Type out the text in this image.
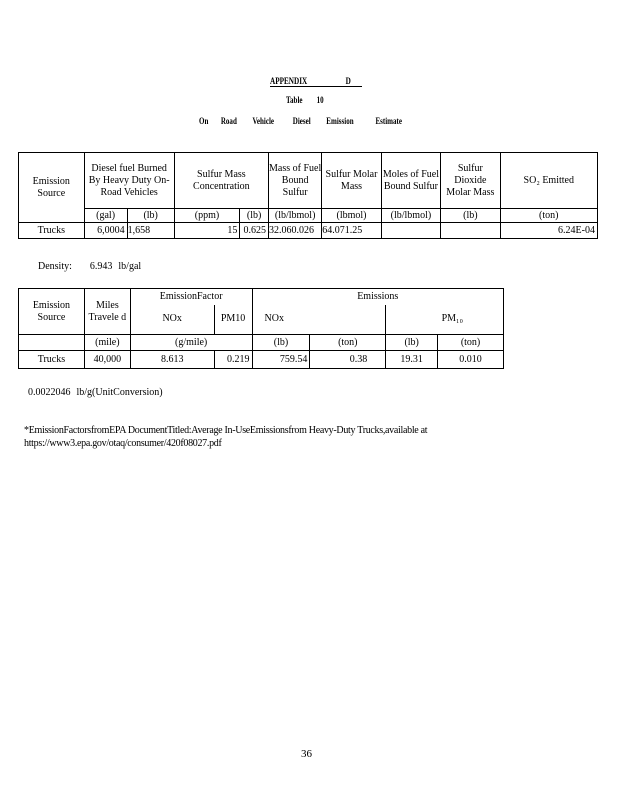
APPENDIX	D
Table 10
On Road Vehicle Diesel Emission Estimate
Emission Source	Diesel fuel Burned By Heavy Duty On-Road Vehicles		Sulfur Mass Concentration		Mass of Fuel Bound Sulfur	Sulfur Molar Mass	Moles of Fuel Bound Sulfur	Sulfur Dioxide Molar Mass	SO₂ Emitted
	(gal)	(lb)	(ppm)	(lb)	(lb/lbmol)	(lbmol)	(lb/lbmol)	(lb)	(ton)
Trucks	6,0004	1,658	15	0.625	32.060.026	64.071.25			6.24E-04
Density: 6.943 lb/gal
Emission Source	Miles Travele d	EmissionFactor		Emissions			
		NOx	PM10	NOx		PM₁₀	
	(mile)	(g/mile)		(lb)	(ton)	(lb)	(ton)
Trucks	40,000	8.613	0.219	759.54	0.38	19.31	0.010
0.0022046 lb/g(UnitConversion)
*EmissionFactorsfromEPA DocumentTitled:Average In-UseEmissionsfrom Heavy-Duty Trucks,available at
https://www3.epa.gov/otaq/consumer/420f08027.pdf
36
